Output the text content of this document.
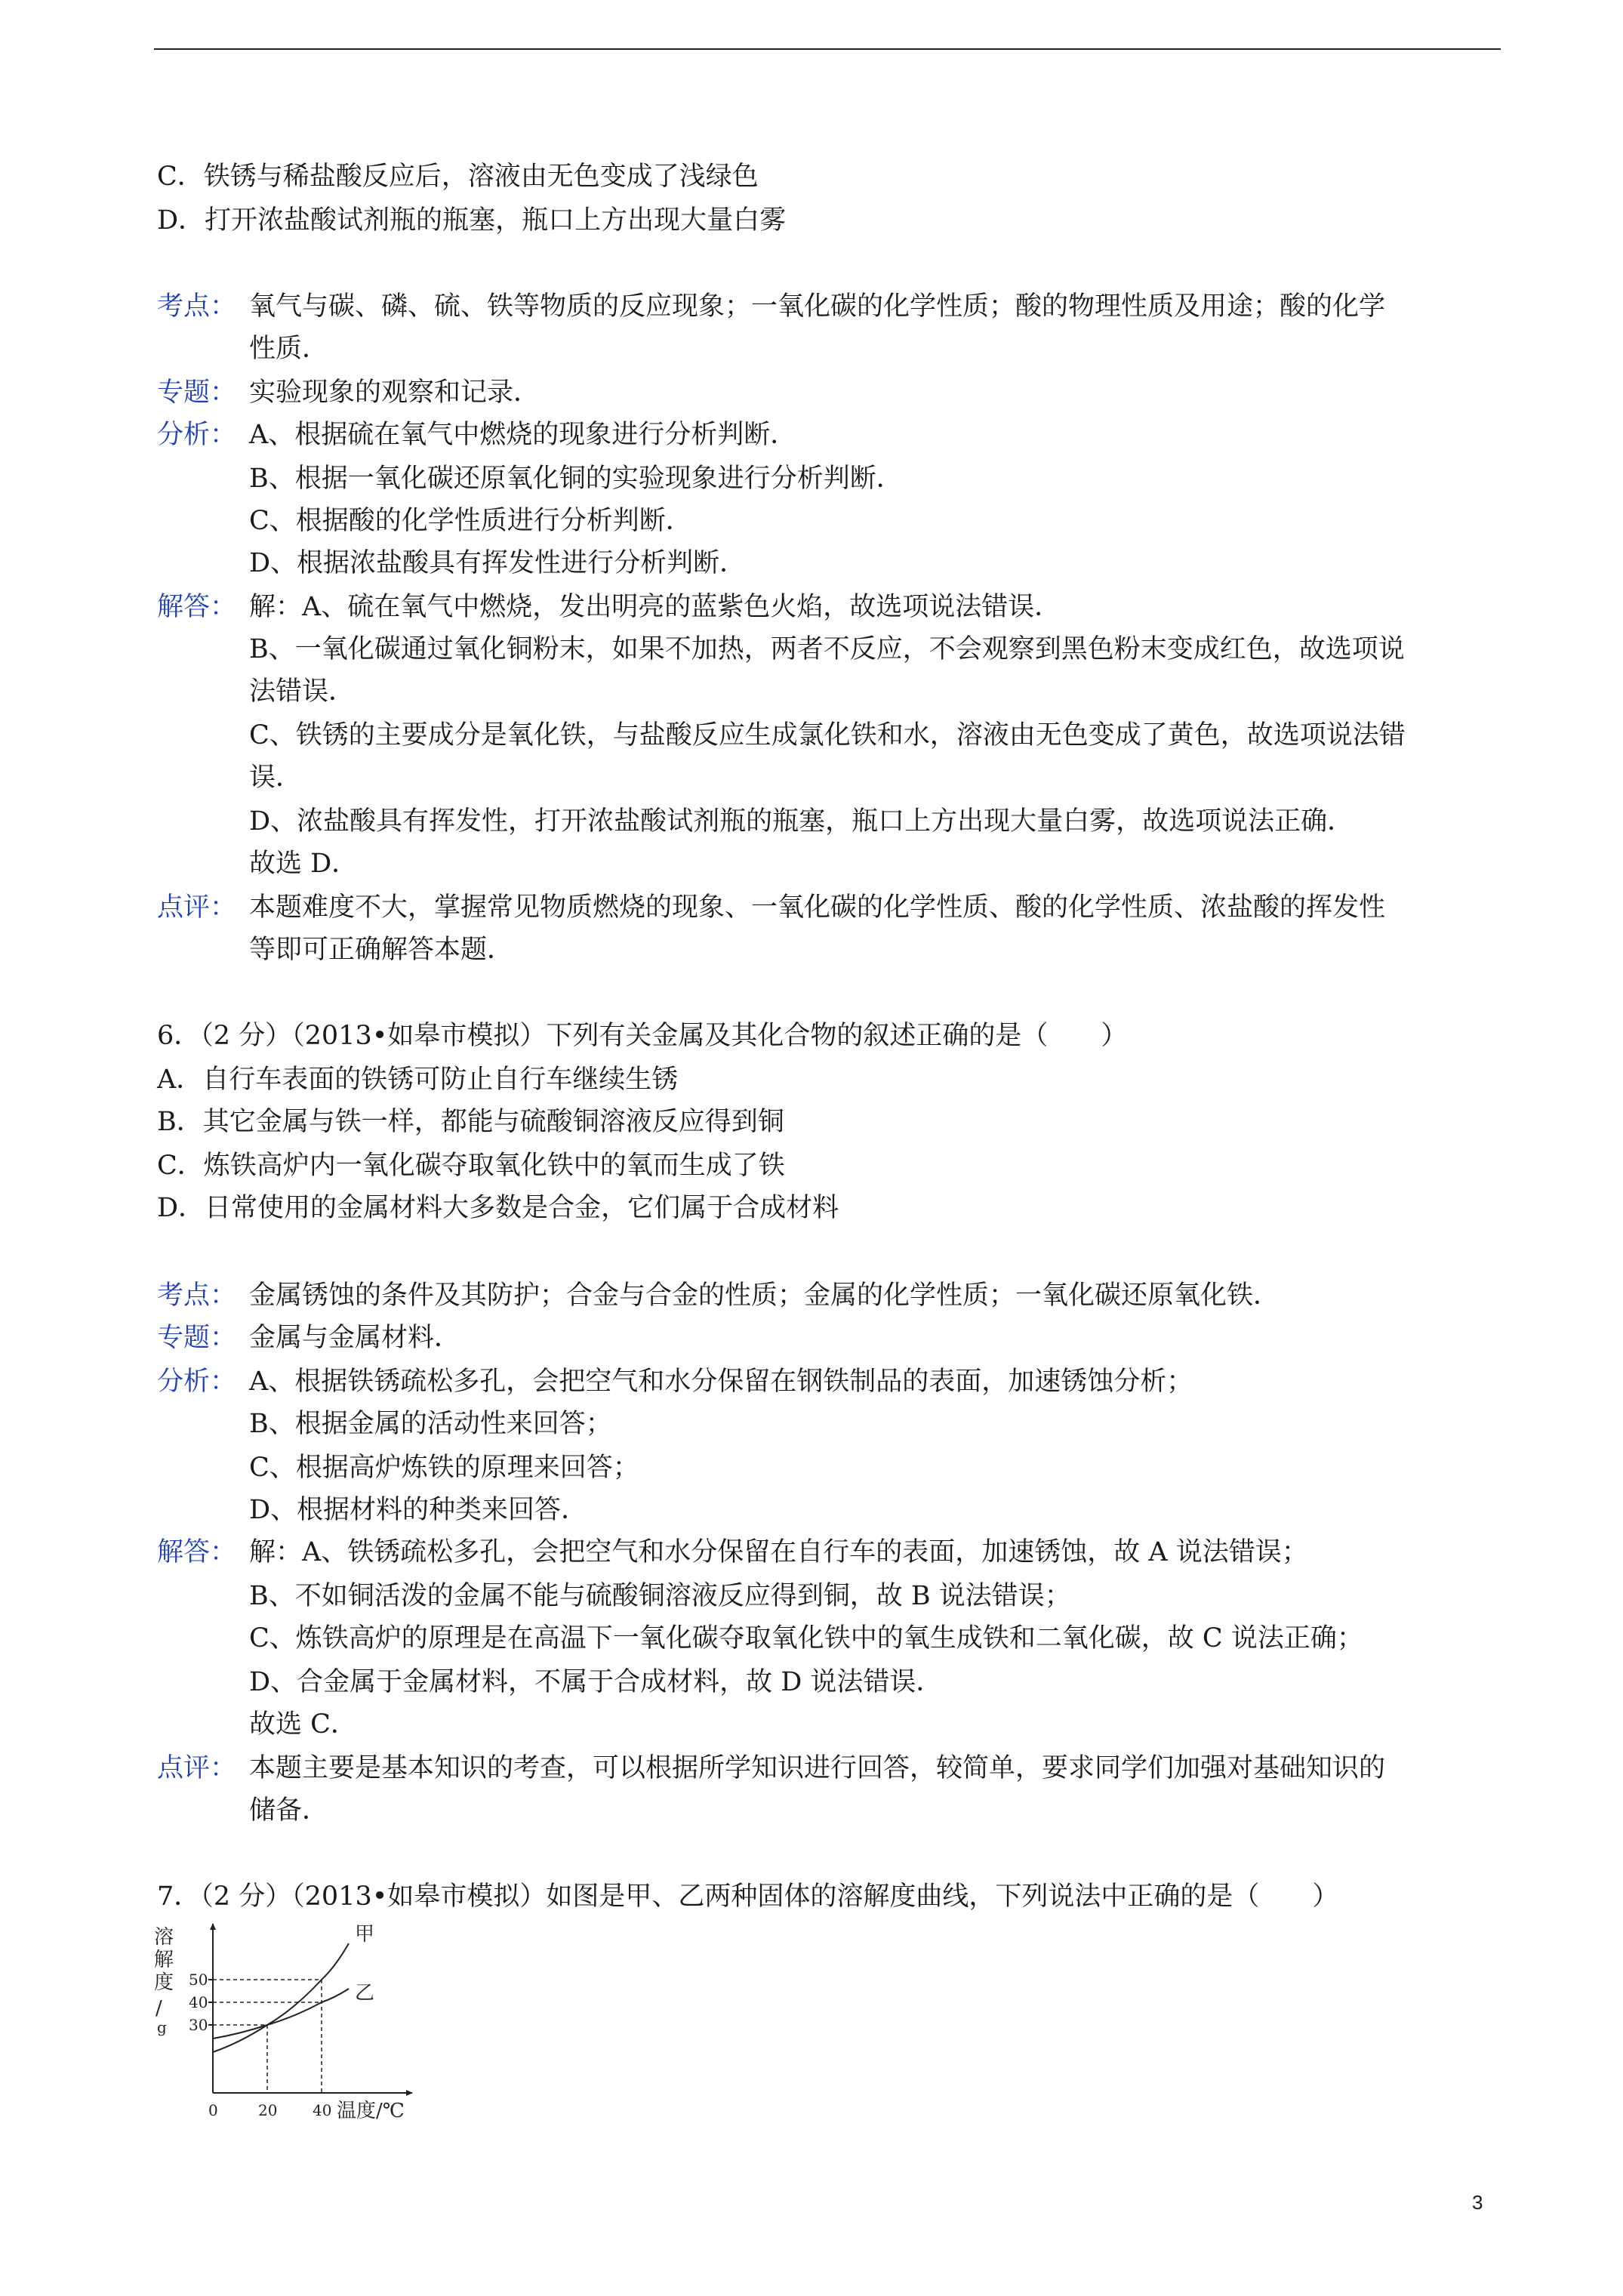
C．铁锈与稀盐酸反应后，溶液由无色变成了浅绿色
D．打开浓盐酸试剂瓶的瓶塞，瓶口上方出现大量白雾
考点： 氧气与碳、磷、硫、铁等物质的反应现象；一氧化碳的化学性质；酸的物理性质及用途；酸的化学
性质．
专题： 实验现象的观察和记录．
分析： A、根据硫在氧气中燃烧的现象进行分析判断．
B、根据一氧化碳还原氧化铜的实验现象进行分析判断．
C、根据酸的化学性质进行分析判断．
D、根据浓盐酸具有挥发性进行分析判断．
解答： 解：A、硫在氧气中燃烧，发出明亮的蓝紫色火焰，故选项说法错误．
B、一氧化碳通过氧化铜粉末，如果不加热，两者不反应，不会观察到黑色粉末变成红色，故选项说
法错误．
C、铁锈的主要成分是氧化铁，与盐酸反应生成氯化铁和水，溶液由无色变成了黄色，故选项说法错
误．
D、浓盐酸具有挥发性，打开浓盐酸试剂瓶的瓶塞，瓶口上方出现大量白雾，故选项说法正确．
故选 D．
点评： 本题难度不大，掌握常见物质燃烧的现象、一氧化碳的化学性质、酸的化学性质、浓盐酸的挥发性
等即可正确解答本题．
6．（2 分）（2013•如皋市模拟）下列有关金属及其化合物的叙述正确的是（　　）
A．自行车表面的铁锈可防止自行车继续生锈
B．其它金属与铁一样，都能与硫酸铜溶液反应得到铜
C．炼铁高炉内一氧化碳夺取氧化铁中的氧而生成了铁
D．日常使用的金属材料大多数是合金，它们属于合成材料
考点： 金属锈蚀的条件及其防护；合金与合金的性质；金属的化学性质；一氧化碳还原氧化铁．
专题： 金属与金属材料．
分析： A、根据铁锈疏松多孔，会把空气和水分保留在钢铁制品的表面，加速锈蚀分析；
B、根据金属的活动性来回答；
C、根据高炉炼铁的原理来回答；
D、根据材料的种类来回答．
解答： 解：A、铁锈疏松多孔，会把空气和水分保留在自行车的表面，加速锈蚀，故 A 说法错误；
B、不如铜活泼的金属不能与硫酸铜溶液反应得到铜，故 B 说法错误；
C、炼铁高炉的原理是在高温下一氧化碳夺取氧化铁中的氧生成铁和二氧化碳，故 C 说法正确；
D、合金属于金属材料，不属于合成材料，故 D 说法错误．
故选 C．
点评： 本题主要是基本知识的考查，可以根据所学知识进行回答，较简单，要求同学们加强对基础知识的
储备．
7．（2 分）（2013•如皋市模拟）如图是甲、乙两种固体的溶解度曲线，下列说法中正确的是（　　）
溶
解
度
/
g
甲
乙
30
40
50
0	20 40 温度/℃
3
